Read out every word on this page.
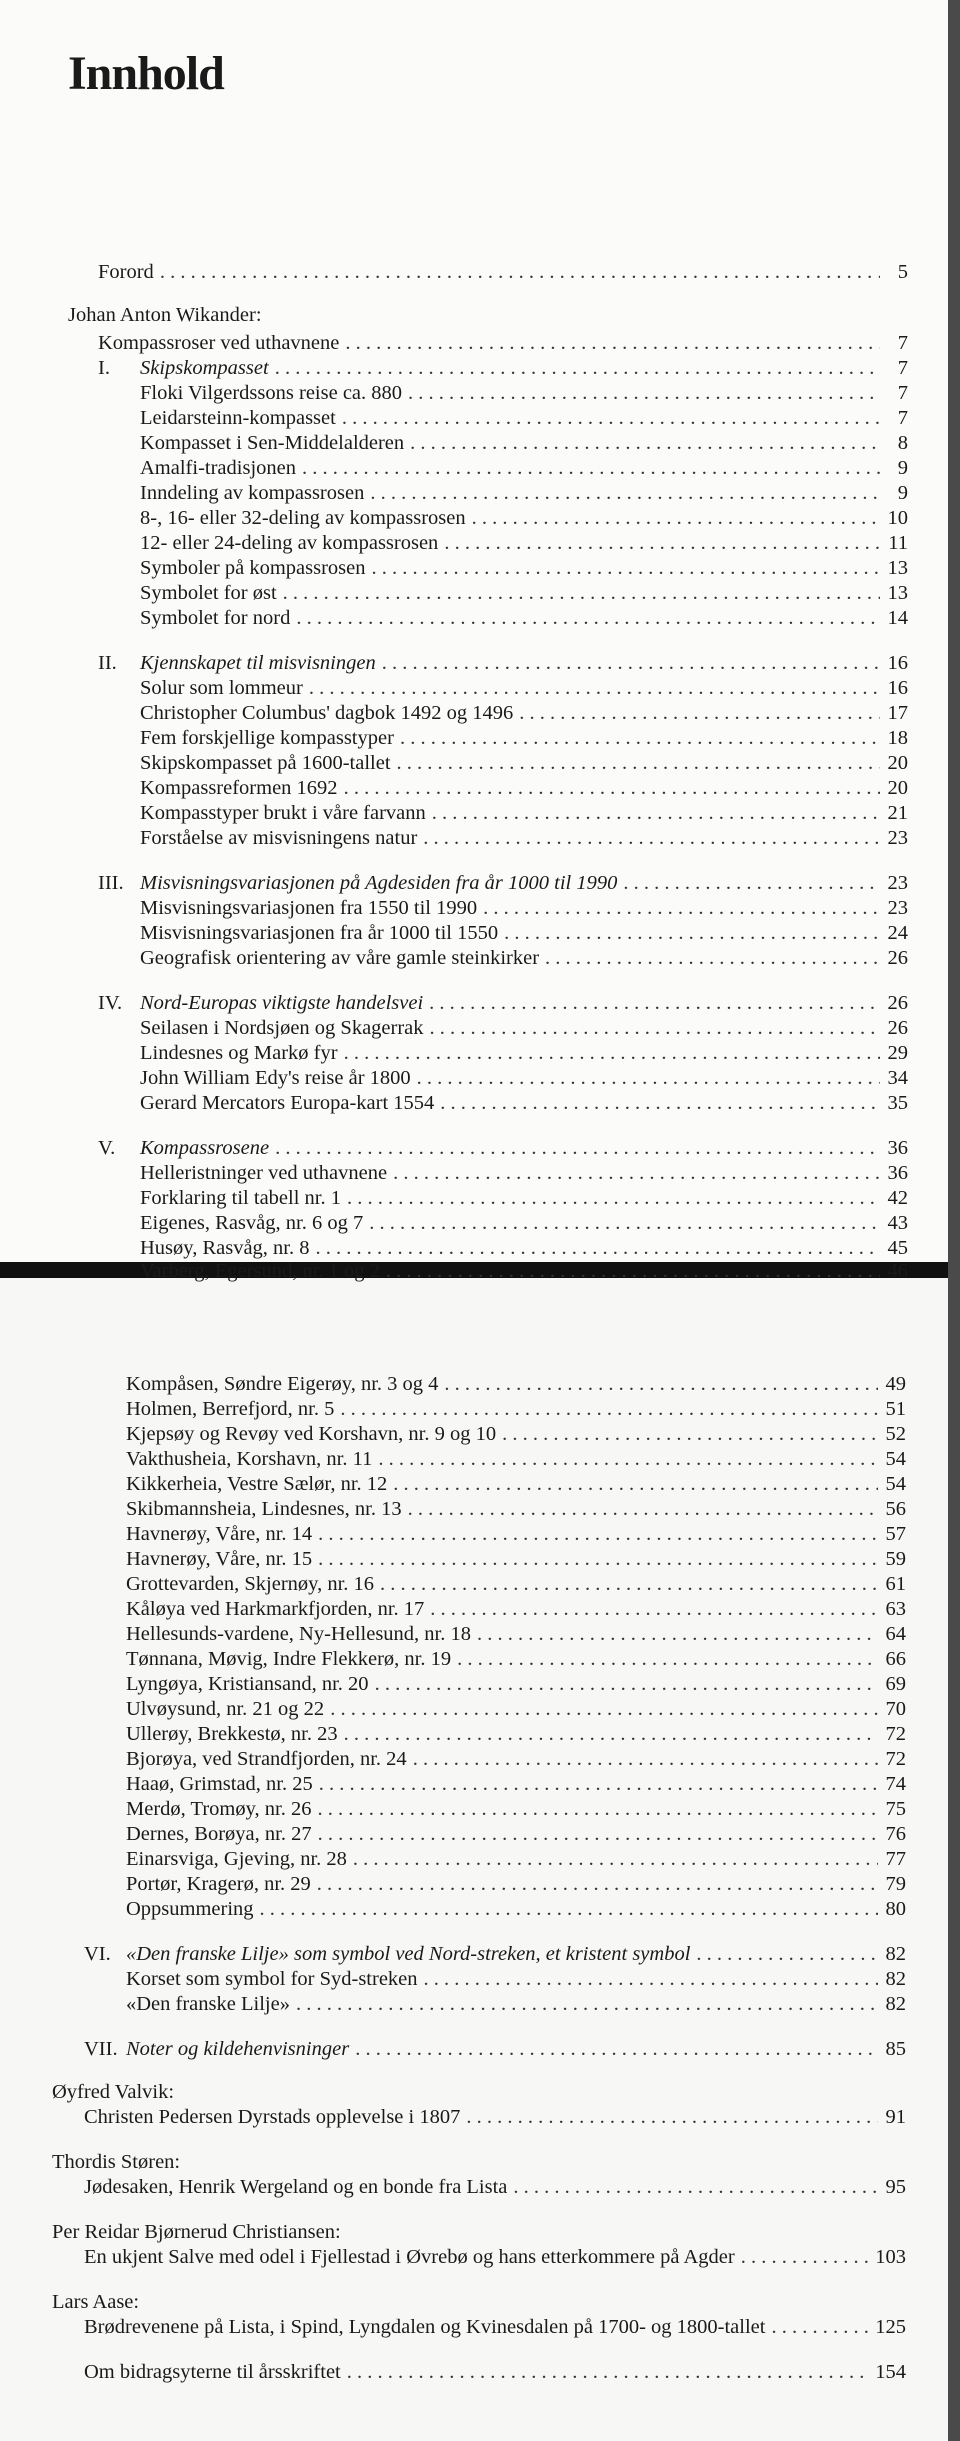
Innhold
Forord . . .	5
Johan Anton Wikander:
Kompassroser ved uthavnene . . .	7
I.	Skipskompasset . . .	7
Floki Vilgerdssons reise ca. 880 . . .	7
Leidarsteinn-kompasset . . .	7
Kompasset i Sen-Middelalderen . . .	8
Amalfi-tradisjonen . . .	9
Inndeling av kompassrosen . . .	9
8-, 16- eller 32-deling av kompassrosen . . .	10
12- eller 24-deling av kompassrosen . . .	11
Symboler på kompassrosen . . .	13
Symbolet for øst . . .	13
Symbolet for nord . . .	14
II.	Kjennskapet til misvisningen . . .	16
Solur som lommeur . . .	16
Christopher Columbus' dagbok 1492 og 1496 . . .	17
Fem forskjellige kompasstyper . . .	18
Skipskompasset på 1600-tallet . . .	20
Kompassreformen 1692 . . .	20
Kompasstyper brukt i våre farvann . . .	21
Forståelse av misvisningens natur . . .	23
III. Misvisningsvariasjonen på Agdesiden fra år 1000 til 1990 . . .	23
Misvisningsvariasjonen fra 1550 til 1990 . . .	23
Misvisningsvariasjonen fra år 1000 til 1550 . . .	24
Geografisk orientering av våre gamle steinkirker . . .	26
IV. Nord-Europas viktigste handelsvei . . .	26
Seilasen i Nordsjøen og Skagerrak . . .	26
Lindesnes og Markø fyr . . .	29
John William Edy's reise år 1800 . . .	34
Gerard Mercators Europa-kart 1554 . . .	35
V.	Kompassrosene . . .	36
Helleristninger ved uthavnene . . .	36
Forklaring til tabell nr. 1 . . .	42
Eigenes, Rasvåg, nr. 6 og 7 . . .	43
Husøy, Rasvåg, nr. 8 . . .	45
Varberg, Egersund, nr. 1 og 2 . . .	46
Kompåsen, Søndre Eigerøy, nr. 3 og 4 . . .	49
Holmen, Berrefjord, nr. 5 . . .	51
Kjepsøy og Revøy ved Korshavn, nr. 9 og 10 . . .	52
Vakthusheia, Korshavn, nr. 11 . . .	54
Kikkerheia, Vestre Sælør, nr. 12 . . .	54
Skibmannsheia, Lindesnes, nr. 13 . . .	56
Havnerøy, Våre, nr. 14 . . .	57
Havnerøy, Våre, nr. 15 . . .	59
Grottevarden, Skjernøy, nr. 16 . . .	61
Kåløya ved Harkmarkfjorden, nr. 17 . . .	63
Hellesunds-vardene, Ny-Hellesund, nr. 18 . . .	64
Tønnana, Møvig, Indre Flekkerø, nr. 19 . . .	66
Lyngøya, Kristiansand, nr. 20 . . .	69
Ulvøysund, nr. 21 og 22 . . .	70
Ullerøy, Brekkestø, nr. 23 . . .	72
Bjorøya, ved Strandfjorden, nr. 24 . . .	72
Haaø, Grimstad, nr. 25 . . .	74
Merdø, Tromøy, nr. 26 . . .	75
Dernes, Borøya, nr. 27 . . .	76
Einarsviga, Gjeving, nr. 28 . . .	77
Portør, Kragerø, nr. 29 . . .	79
Oppsummering . . .	80
VI. «Den franske Lilje» som symbol ved Nord-streken, et kristent symbol . . .	82
Korset som symbol for Syd-streken . . .	82
«Den franske Lilje» . . .	82
VII. Noter og kildehenvisninger . . .	85
Øyfred Valvik:
Christen Pedersen Dyrstads opplevelse i 1807 . . .	91
Thordis Støren:
Jødesaken, Henrik Wergeland og en bonde fra Lista . . .	95
Per Reidar Bjørnerud Christiansen:
En ukjent Salve med odel i Fjellestad i Øvrebø og hans etterkommere på Agder . . .	103
Lars Aase:
Brødrevenene på Lista, i Spind, Lyngdalen og Kvinesdalen på 1700- og 1800-tallet . . .	125
Om bidragsyterne til årsskriftet . . .	154
